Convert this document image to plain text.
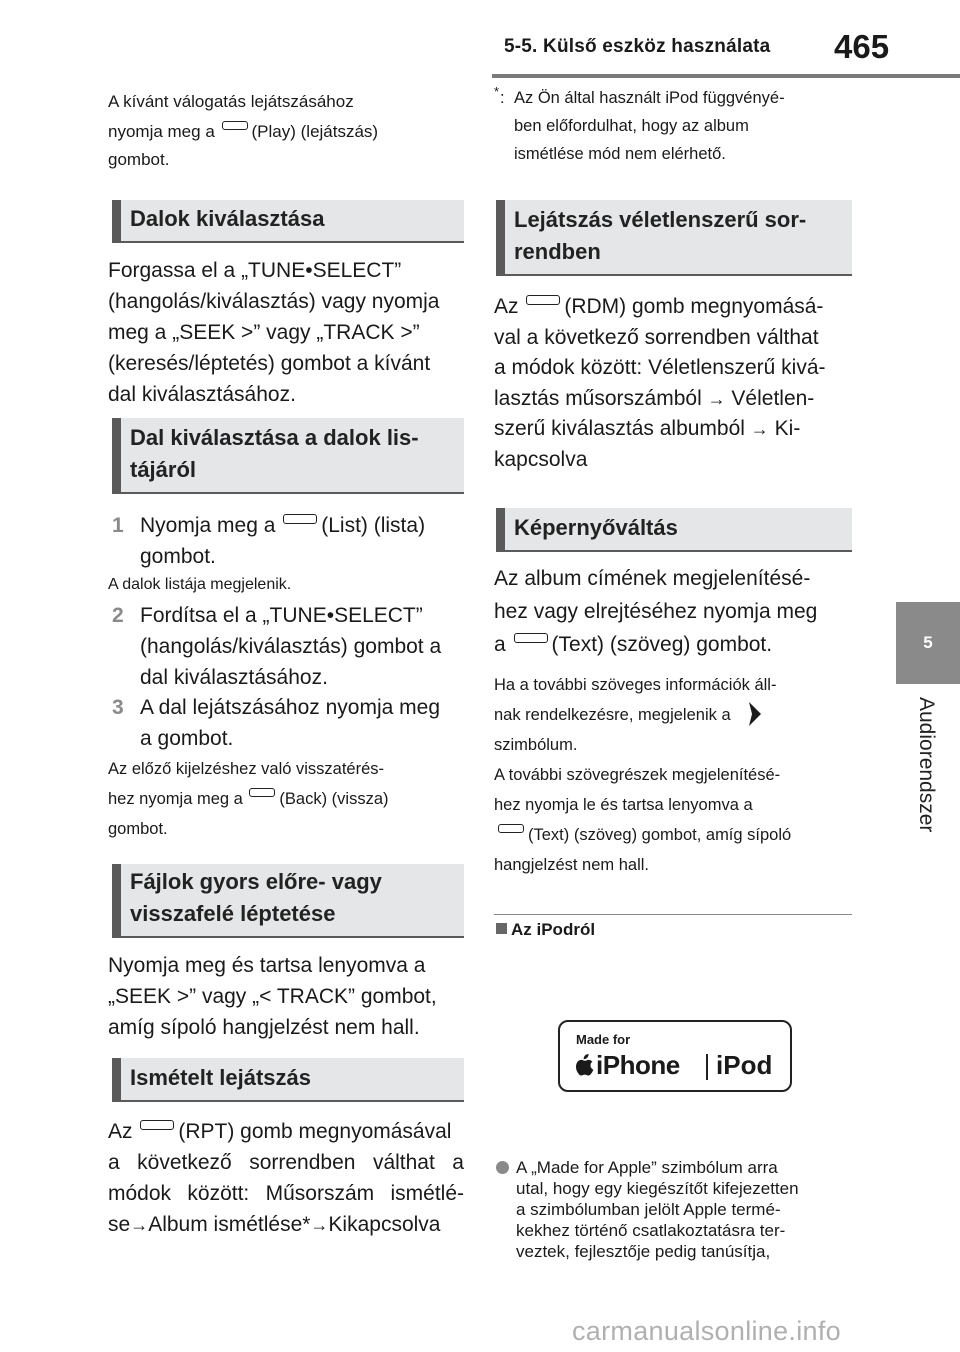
5-5. Külső eszköz használata 465
5
Audiorendszer
A kívánt válogatás lejátszásához
nyomja meg a (Play) (lejátszás)
gombot.
Dalok kiválasztása
Forgassa el a „TUNE•SELECT”
(hangolás/kiválasztás) vagy nyomja
meg a „SEEK >” vagy „TRACK >”
(keresés/léptetés) gombot a kívánt
dal kiválasztásához.
Dal kiválasztása a dalok lis-
tájáról
1 Nyomja meg a (List) (lista)
gombot.
A dalok listája megjelenik.
2 Fordítsa el a „TUNE•SELECT”
(hangolás/kiválasztás) gombot a
dal kiválasztásához.
3 A dal lejátszásához nyomja meg
a gombot.
Az előző kijelzéshez való visszatérés-
hez nyomja meg a (Back) (vissza)
gombot.
Fájlok gyors előre- vagy
visszafelé léptetése
Nyomja meg és tartsa lenyomva a
„SEEK >” vagy „< TRACK” gombot,
amíg sípoló hangjelzést nem hall.
Ismételt lejátszás
Az (RPT) gomb megnyomásával
a következő sorrendben válthat a
módok között: Műsorszám ismétlé-
se→Album ismétlése*→Kikapcsolva
* : Az Ön által használt iPod függvényé-
ben előfordulhat, hogy az album
ismétlése mód nem elérhető.
Lejátszás véletlenszerű sor-
rendben
Az (RDM) gomb megnyomásá-
val a következő sorrendben válthat
a módok között: Véletlenszerű kivá-
lasztás műsorszámból → Véletlen-
szerű kiválasztás albumból → Ki-
kapcsolva
Képernyőváltás
Az album címének megjelenítésé-
hez vagy elrejtéséhez nyomja meg
a (Text) (szöveg) gombot.
Ha a további szöveges információk áll-
nak rendelkezésre, megjelenik a
szimbólum.
A további szövegrészek megjelenítésé-
hez nyomja le és tartsa lenyomva a
(Text) (szöveg) gombot, amíg sípoló
hangjelzést nem hall.
Az iPodról
Made for
iPhone iPod
A „Made for Apple” szimbólum arra
utal, hogy egy kiegészítőt kifejezetten
a szimbólumban jelölt Apple termé-
kekhez történő csatlakoztatásra ter-
veztek, fejlesztője pedig tanúsítja,
carmanualsonline.info
